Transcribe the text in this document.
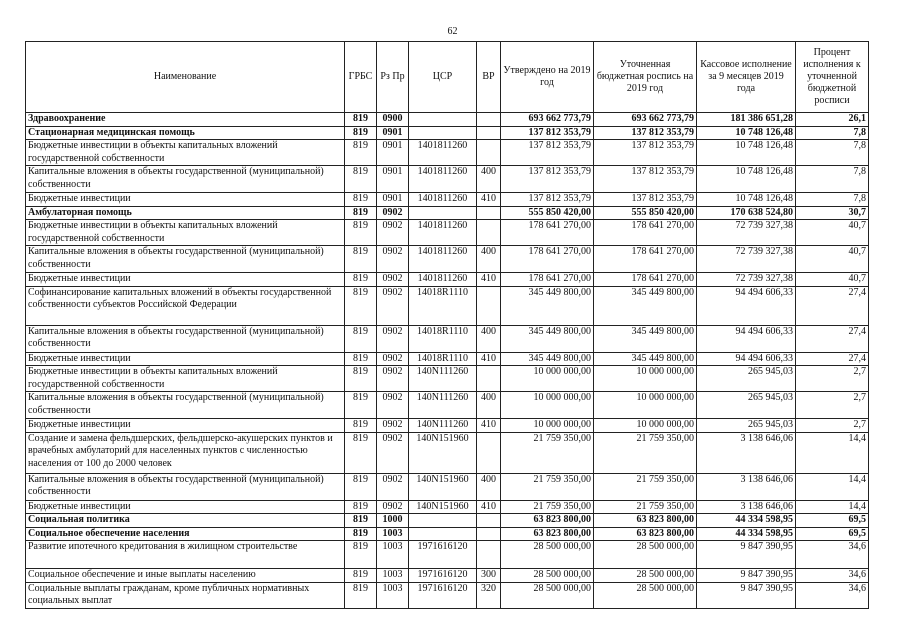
62
Наименование	ГРБС	Рз Пр	ЦСР	ВР	Утверждено на 2019 год	Уточненная бюджетная роспись на 2019 год	Кассовое исполнение за 9 месяцев 2019 года	Процент исполнения к уточненной бюджетной росписи
Здравоохранение	819	0900			693 662 773,79	693 662 773,79	181 386 651,28	26,1
Стационарная медицинская помощь	819	0901			137 812 353,79	137 812 353,79	10 748 126,48	7,8
Бюджетные инвестиции в объекты капитальных вложений государственной собственности	819	0901	1401811260		137 812 353,79	137 812 353,79	10 748 126,48	7,8
Капитальные вложения в объекты государственной (муниципальной) собственности	819	0901	1401811260	400	137 812 353,79	137 812 353,79	10 748 126,48	7,8
Бюджетные инвестиции	819	0901	1401811260	410	137 812 353,79	137 812 353,79	10 748 126,48	7,8
Амбулаторная помощь	819	0902			555 850 420,00	555 850 420,00	170 638 524,80	30,7
Бюджетные инвестиции в объекты капитальных вложений государственной собственности	819	0902	1401811260		178 641 270,00	178 641 270,00	72 739 327,38	40,7
Капитальные вложения в объекты государственной (муниципальной) собственности	819	0902	1401811260	400	178 641 270,00	178 641 270,00	72 739 327,38	40,7
Бюджетные инвестиции	819	0902	1401811260	410	178 641 270,00	178 641 270,00	72 739 327,38	40,7
Софинансирование капитальных вложений в объекты государственной собственности субъектов Российской Федерации	819	0902	14018R1110		345 449 800,00	345 449 800,00	94 494 606,33	27,4
Капитальные вложения в объекты государственной (муниципальной) собственности	819	0902	14018R1110	400	345 449 800,00	345 449 800,00	94 494 606,33	27,4
Бюджетные инвестиции	819	0902	14018R1110	410	345 449 800,00	345 449 800,00	94 494 606,33	27,4
Бюджетные инвестиции в объекты капитальных вложений государственной собственности	819	0902	140N111260		10 000 000,00	10 000 000,00	265 945,03	2,7
Капитальные вложения в объекты государственной (муниципальной) собственности	819	0902	140N111260	400	10 000 000,00	10 000 000,00	265 945,03	2,7
Бюджетные инвестиции	819	0902	140N111260	410	10 000 000,00	10 000 000,00	265 945,03	2,7
Создание и замена фельдшерских, фельдшерско-акушерских пунктов и врачебных амбулаторий для населенных пунктов с численностью населения от 100 до 2000 человек	819	0902	140N151960		21 759 350,00	21 759 350,00	3 138 646,06	14,4
Капитальные вложения в объекты государственной (муниципальной) собственности	819	0902	140N151960	400	21 759 350,00	21 759 350,00	3 138 646,06	14,4
Бюджетные инвестиции	819	0902	140N151960	410	21 759 350,00	21 759 350,00	3 138 646,06	14,4
Социальная политика	819	1000			63 823 800,00	63 823 800,00	44 334 598,95	69,5
Социальное обеспечение населения	819	1003			63 823 800,00	63 823 800,00	44 334 598,95	69,5
Развитие ипотечного кредитования в жилищном строительстве	819	1003	1971616120		28 500 000,00	28 500 000,00	9 847 390,95	34,6
Социальное обеспечение и иные выплаты населению	819	1003	1971616120	300	28 500 000,00	28 500 000,00	9 847 390,95	34,6
Социальные выплаты гражданам, кроме публичных нормативных социальных выплат	819	1003	1971616120	320	28 500 000,00	28 500 000,00	9 847 390,95	34,6
